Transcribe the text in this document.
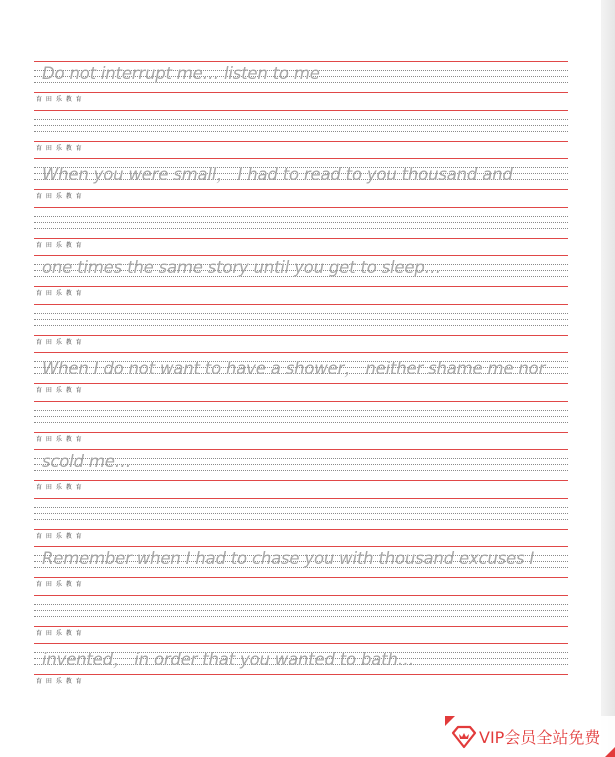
Do not interrupt me… listen to me
育 田 乐 教 育
育 田 乐 教 育
When you were small， I had to read to you thousand and
育 田 乐 教 育
育 田 乐 教 育
one times the same story until you get to sleep…
育 田 乐 教 育
育 田 乐 教 育
When I do not want to have a shower， neither shame me nor
育 田 乐 教 育
育 田 乐 教 育
scold me…
育 田 乐 教 育
育 田 乐 教 育
Remember when I had to chase you with thousand excuses I
育 田 乐 教 育
育 田 乐 教 育
invented， in order that you wanted to bath…
育 田 乐 教 育
VIP会员全站免费
